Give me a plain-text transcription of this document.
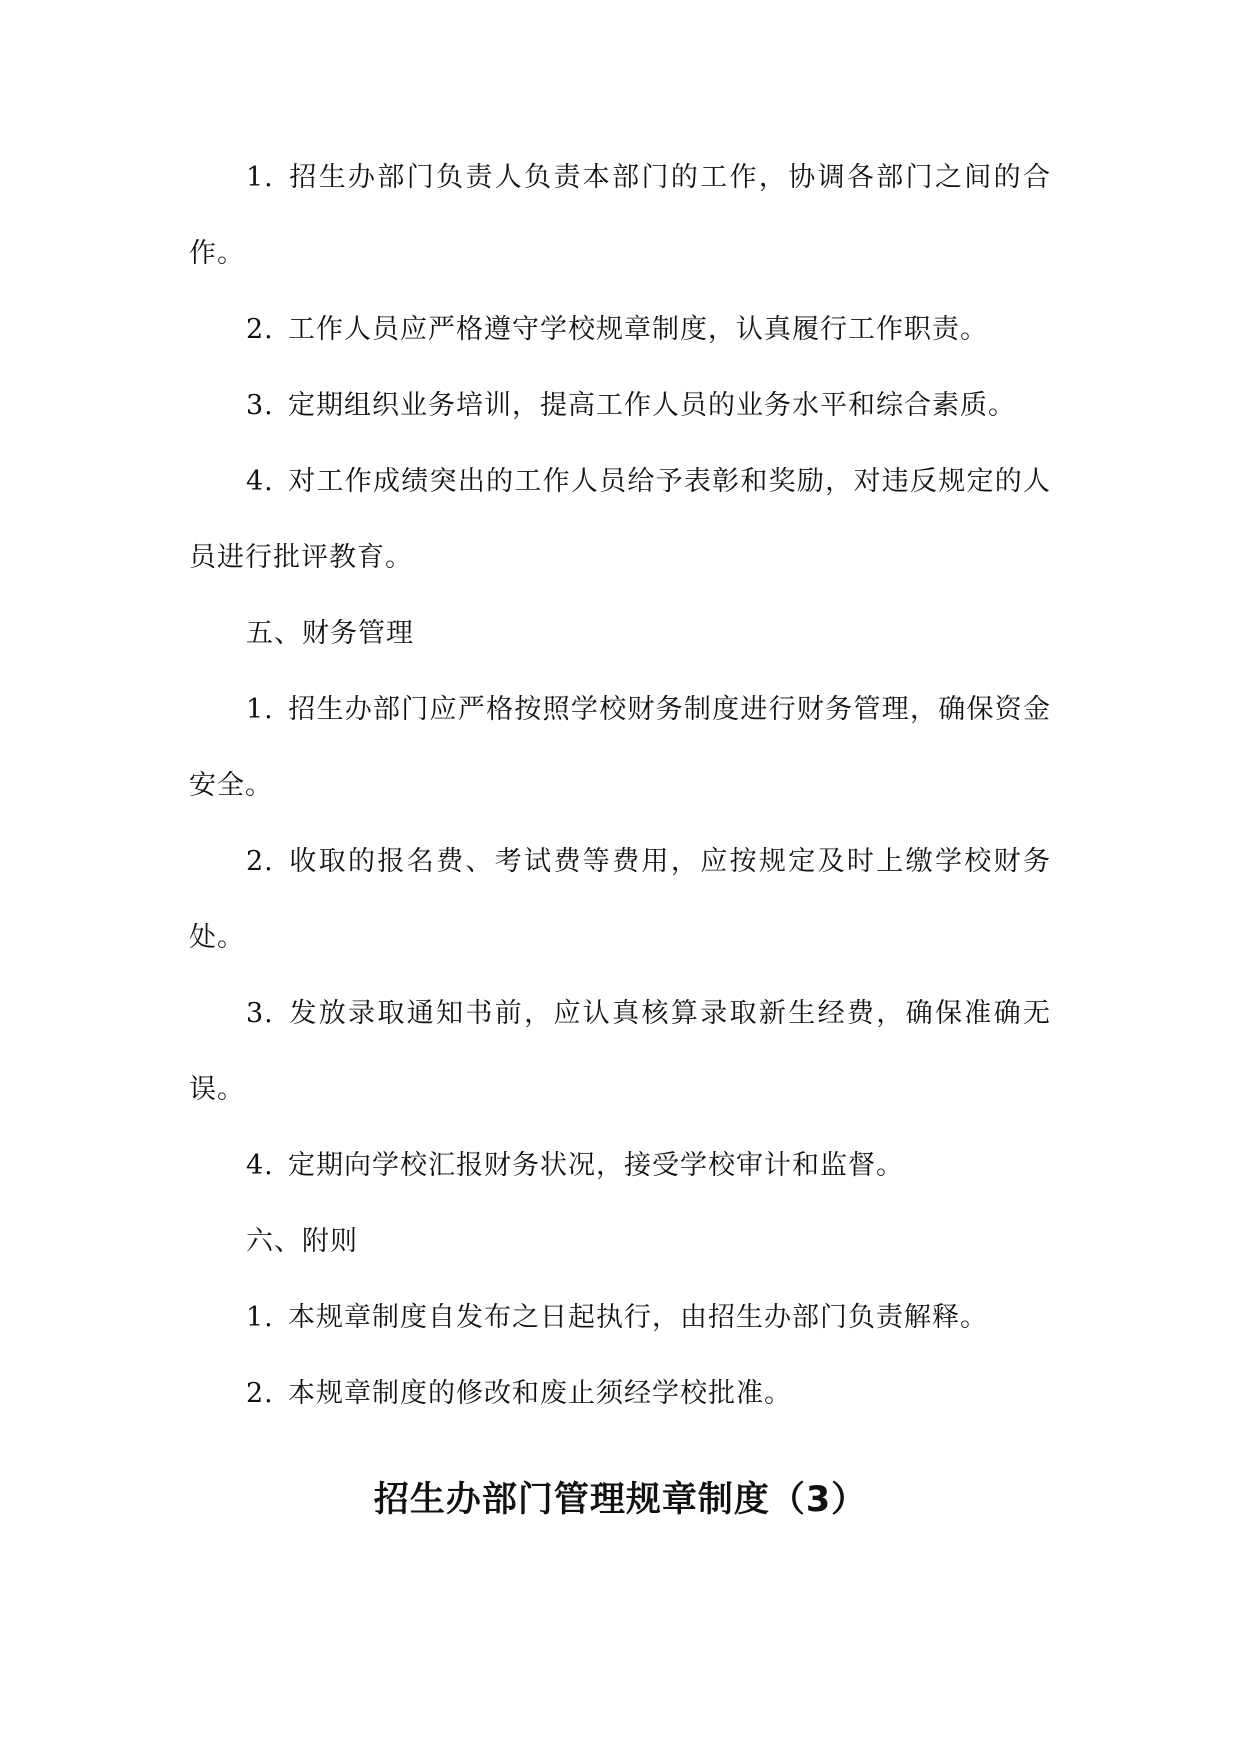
1. 招生办部门负责人负责本部门的工作，协调各部门之间的合作。

2. 工作人员应严格遵守学校规章制度，认真履行工作职责。

3. 定期组织业务培训，提高工作人员的业务水平和综合素质。

4. 对工作成绩突出的工作人员给予表彰和奖励，对违反规定的人员进行批评教育。

五、财务管理

1. 招生办部门应严格按照学校财务制度进行财务管理，确保资金安全。

2. 收取的报名费、考试费等费用，应按规定及时上缴学校财务处。

3. 发放录取通知书前，应认真核算录取新生经费，确保准确无误。

4. 定期向学校汇报财务状况，接受学校审计和监督。

六、附则

1. 本规章制度自发布之日起执行，由招生办部门负责解释。

2. 本规章制度的修改和废止须经学校批准。

招生办部门管理规章制度（3）
